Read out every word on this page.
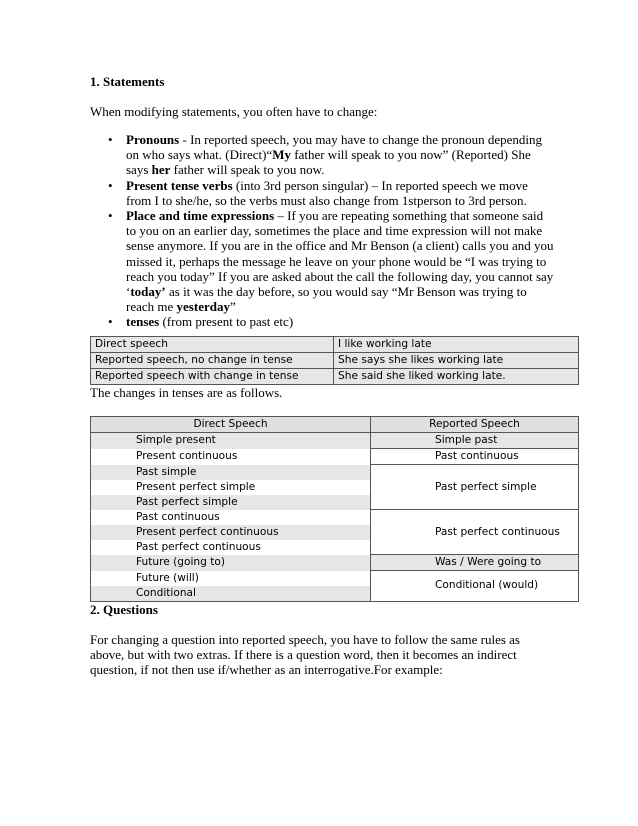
1. Statements
When modifying statements, you often have to change:
• Pronouns - In reported speech, you may have to change the pronoun depending on who says what. (Direct)“My father will speak to you now” (Reported) She says her father will speak to you now.
• Present tense verbs (into 3rd person singular) – In reported speech we move from I to she/he, so the verbs must also change from 1stperson to 3rd person.
• Place and time expressions – If you are repeating something that someone said to you on an earlier day, sometimes the place and time expression will not make sense anymore. If you are in the office and Mr Benson (a client) calls you and you missed it, perhaps the message he leave on your phone would be “I was trying to reach you today” If you are asked about the call the following day, you cannot say ‘today’ as it was the day before, so you would say “Mr Benson was trying to reach me yesterday”
• tenses (from present to past etc)
Direct speech	I like working late
Reported speech, no change in tense	She says she likes working late
Reported speech with change in tense	She said she liked working late.
The changes in tenses are as follows.
Direct Speech	Reported Speech
Simple present	Simple past
Present continuous	Past continuous
Past simple	Past perfect simple
Present perfect simple	
Past perfect simple	
Past continuous	Past perfect continuous
Present perfect continuous	
Past perfect continuous	
Future (going to)	Was / Were going to
Future (will)	Conditional (would)
Conditional	
2. Questions
For changing a question into reported speech, you have to follow the same rules as above, but with two extras. If there is a question word, then it becomes an indirect question, if not then use if/whether as an interrogative.For example:
